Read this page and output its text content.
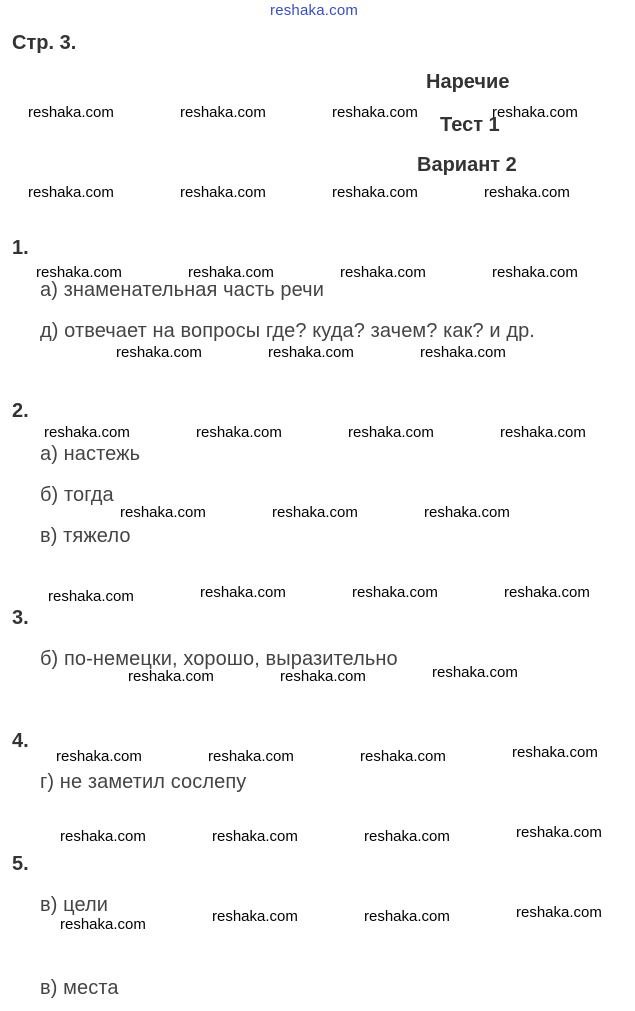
reshaka.com
Стр. 3.
Наречие
Тест 1
Вариант 2
1.
а) знаменательная часть речи
д) отвечает на вопросы где? куда? зачем? как? и др.
2.
а) настежь
б) тогда
в) тяжело
3.
б) по-немецки, хорошо, выразительно
4.
г) не заметил сослепу
5.
в) цели
в) места
reshaka.com	reshaka.com	reshaka.com	reshaka.com
reshaka.com	reshaka.com	reshaka.com	reshaka.com
reshaka.com	reshaka.com	reshaka.com	reshaka.com
reshaka.com	reshaka.com	reshaka.com
reshaka.com	reshaka.com	reshaka.com	reshaka.com
reshaka.com	reshaka.com	reshaka.com
reshaka.com	reshaka.com	reshaka.com	reshaka.com
reshaka.com	reshaka.com	reshaka.com
reshaka.com	reshaka.com	reshaka.com	reshaka.com
reshaka.com	reshaka.com	reshaka.com	reshaka.com
reshaka.com	reshaka.com	reshaka.com	reshaka.com
